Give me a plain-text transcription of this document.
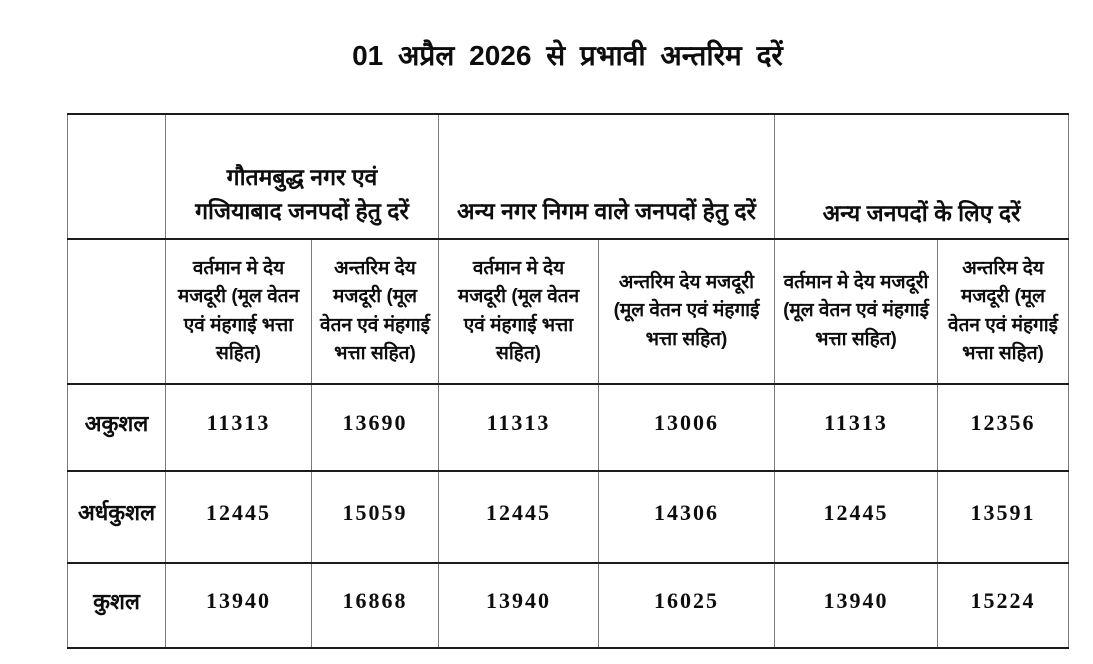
01 अप्रैल 2026 से प्रभावी अन्तरिम दरें
	गौतमबुद्ध नगर एवं गजियाबाद जनपदों हेतु दरें		अन्य नगर निगम वाले जनपदों हेतु दरें		अन्य जनपदों के लिए दरें	
	वर्तमान मे देय मजदूरी (मूल वेतन एवं मंहगाई भत्ता सहित)	अन्तरिम देय मजदूरी (मूल वेतन एवं मंहगाई भत्ता सहित)	वर्तमान मे देय मजदूरी (मूल वेतन एवं मंहगाई भत्ता सहित)	अन्तरिम देय मजदूरी (मूल वेतन एवं मंहगाई भत्ता सहित)	वर्तमान मे देय मजदूरी (मूल वेतन एवं मंहगाई भत्ता सहित)	अन्तरिम देय मजदूरी (मूल वेतन एवं मंहगाई भत्ता सहित)
अकुशल	11313	13690	11313	13006	11313	12356
अर्धकुशल	12445	15059	12445	14306	12445	13591
कुशल	13940	16868	13940	16025	13940	15224
